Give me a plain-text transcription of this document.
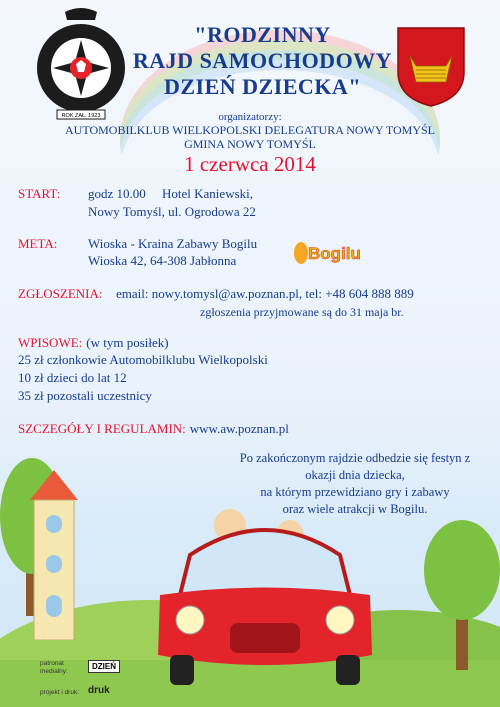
ROK ZAŁ. 1923
"RODZINNY
RAJD SAMOCHODOWY
DZIEŃ DZIECKA"
organizatorzy:
AUTOMOBILKLUB WIELKOPOLSKI DELEGATURA NOWY TOMYŚL
GMINA NOWY TOMYŚL
1 czerwca 2014
START: godz 10.00     Hotel Kaniewski,
Nowy Tomyśl, ul. Ogrodowa 22
META: Wioska - Kraina Zabawy Bogilu
Wioska 42, 64-308 Jabłonna	Bogilu
ZGŁOSZENIA: email: nowy.tomysl@aw.poznan.pl, tel: +48 604 888 889
zgłoszenia przyjmowane są do 31 maja br.
WPISOWE: (w tym posiłek)
25 zł członkowie Automobilklubu Wielkopolski
10 zł dzieci do lat 12
35 zł pozostali uczestnicy
SZCZEGÓŁY I REGULAMIN: www.aw.poznan.pl
Po zakończonym rajdzie odbedzie się festyn z okazji dnia dziecka,
na którym przewidziano gry i zabawy
oraz wiele atrakcji w Bogilu.
patronat medialny:
DZIEŃ
projekt i druk: druk
